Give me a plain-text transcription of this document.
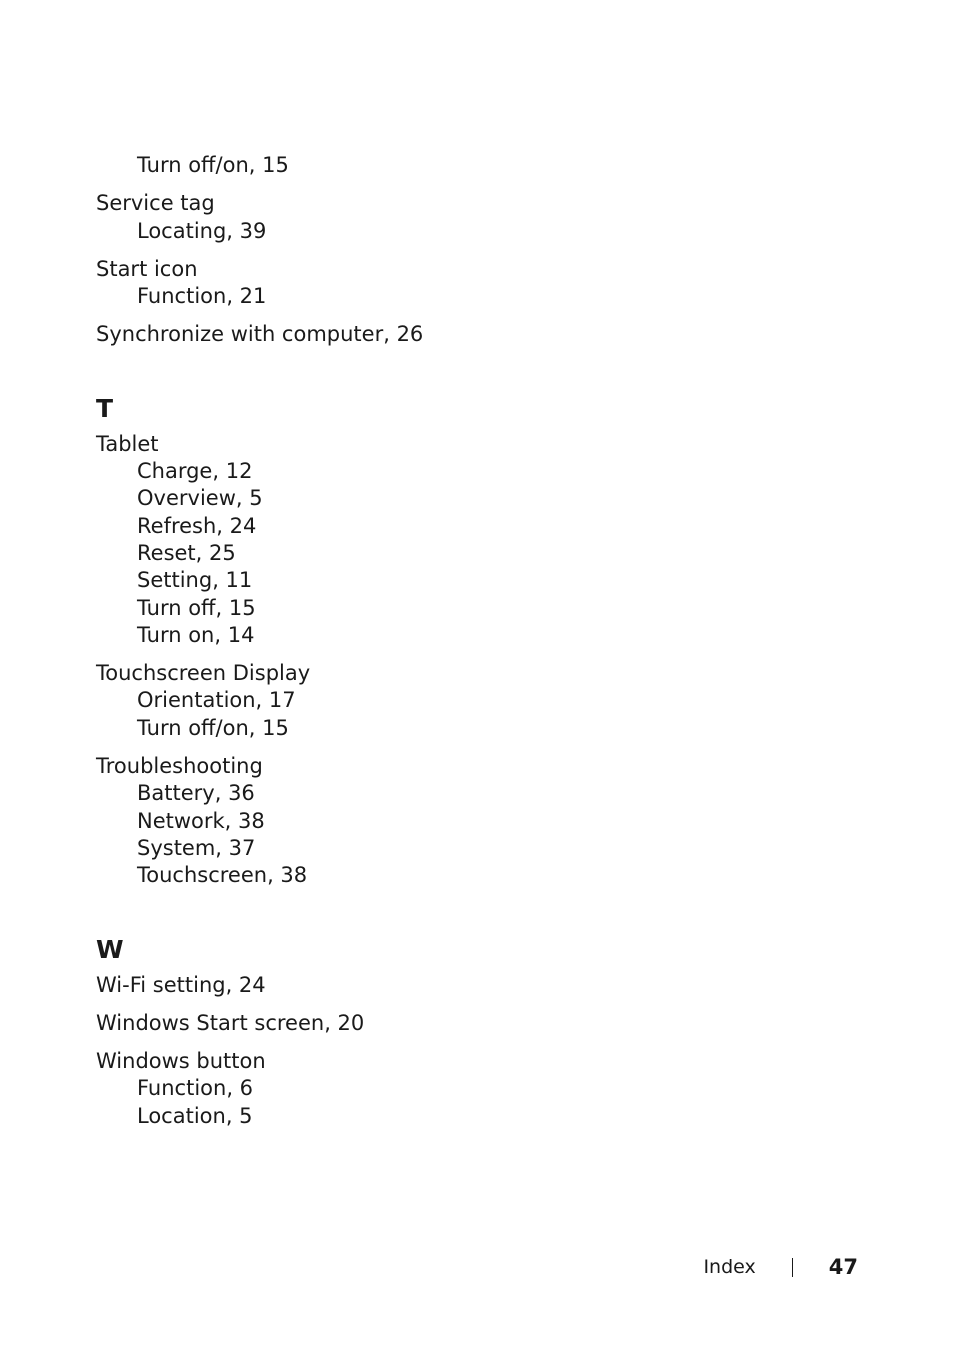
Turn off/on, 15
Service tag
Locating, 39
Start icon
Function, 21
Synchronize with computer, 26
T
Tablet
Charge, 12
Overview, 5
Refresh, 24
Reset, 25
Setting, 11
Turn off, 15
Turn on, 14
Touchscreen Display
Orientation, 17
Turn off/on, 15
Troubleshooting
Battery, 36
Network, 38
System, 37
Touchscreen, 38
W
Wi-Fi setting, 24
Windows Start screen, 20
Windows button
Function, 6
Location, 5
Index	47
